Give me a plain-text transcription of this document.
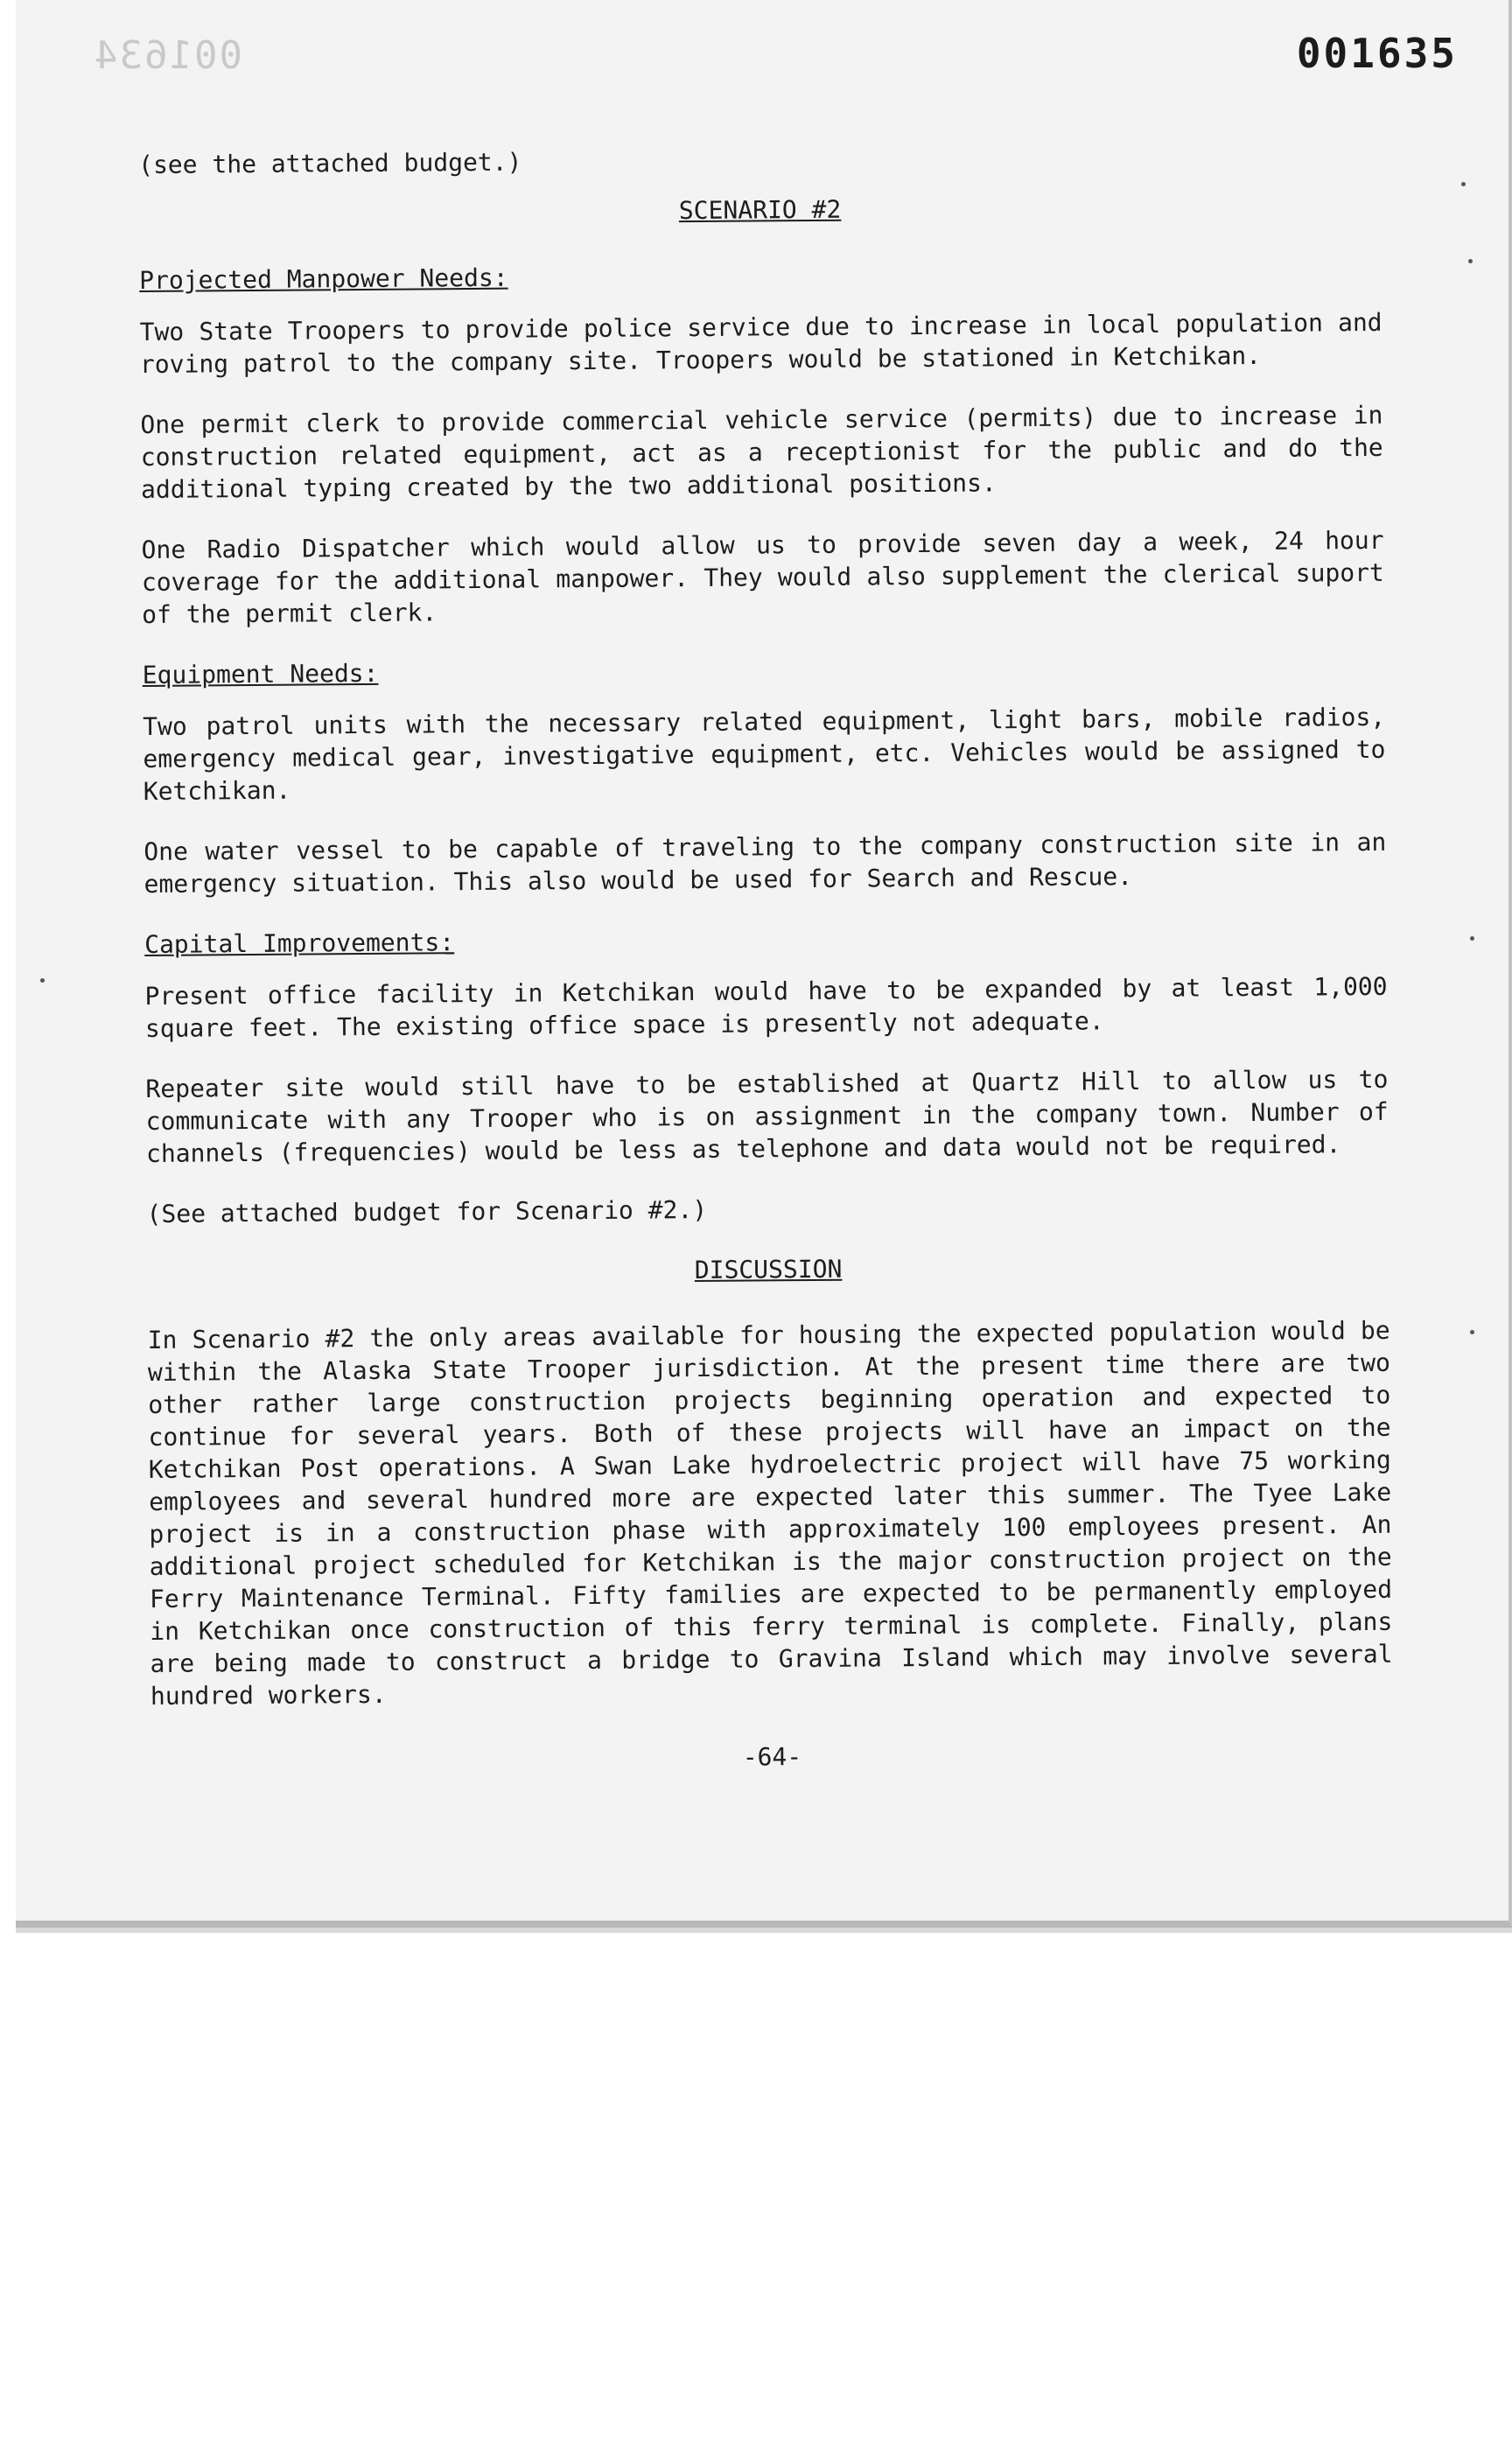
001634	001635

(see the attached budget.)

SCENARIO #2
Projected Manpower Needs:

Two State Troopers to provide police service due to increase in local population and roving patrol to the company site. Troopers would be stationed in Ketchikan.

One permit clerk to provide commercial vehicle service (permits) due to increase in construction related equipment, act as a receptionist for the public and do the additional typing created by the two additional positions.

One Radio Dispatcher which would allow us to provide seven day a week, 24 hour coverage for the additional manpower. They would also supplement the clerical suport of the permit clerk.

Equipment Needs:

Two patrol units with the necessary related equipment, light bars, mobile radios, emergency medical gear, investigative equipment, etc. Vehicles would be assigned to Ketchikan.

One water vessel to be capable of traveling to the company construction site in an emergency situation. This also would be used for Search and Rescue.

Capital Improvements:

Present office facility in Ketchikan would have to be expanded by at least 1,000 square feet. The existing office space is presently not adequate.

Repeater site would still have to be established at Quartz Hill to allow us to communicate with any Trooper who is on assignment in the company town. Number of channels (frequencies) would be less as telephone and data would not be required.

(See attached budget for Scenario #2.)

DISCUSSION

In Scenario #2 the only areas available for housing the expected population would be within the Alaska State Trooper jurisdiction. At the present time there are two other rather large construction projects beginning operation and expected to continue for several years. Both of these projects will have an impact on the Ketchikan Post operations. A Swan Lake hydroelectric project will have 75 working employees and several hundred more are expected later this summer. The Tyee Lake project is in a construction phase with approximately 100 employees present. An additional project scheduled for Ketchikan is the major construction project on the Ferry Maintenance Terminal. Fifty families are expected to be permanently employed in Ketchikan once construction of this ferry terminal is complete. Finally, plans are being made to construct a bridge to Gravina Island which may involve several hundred workers.

-64-
